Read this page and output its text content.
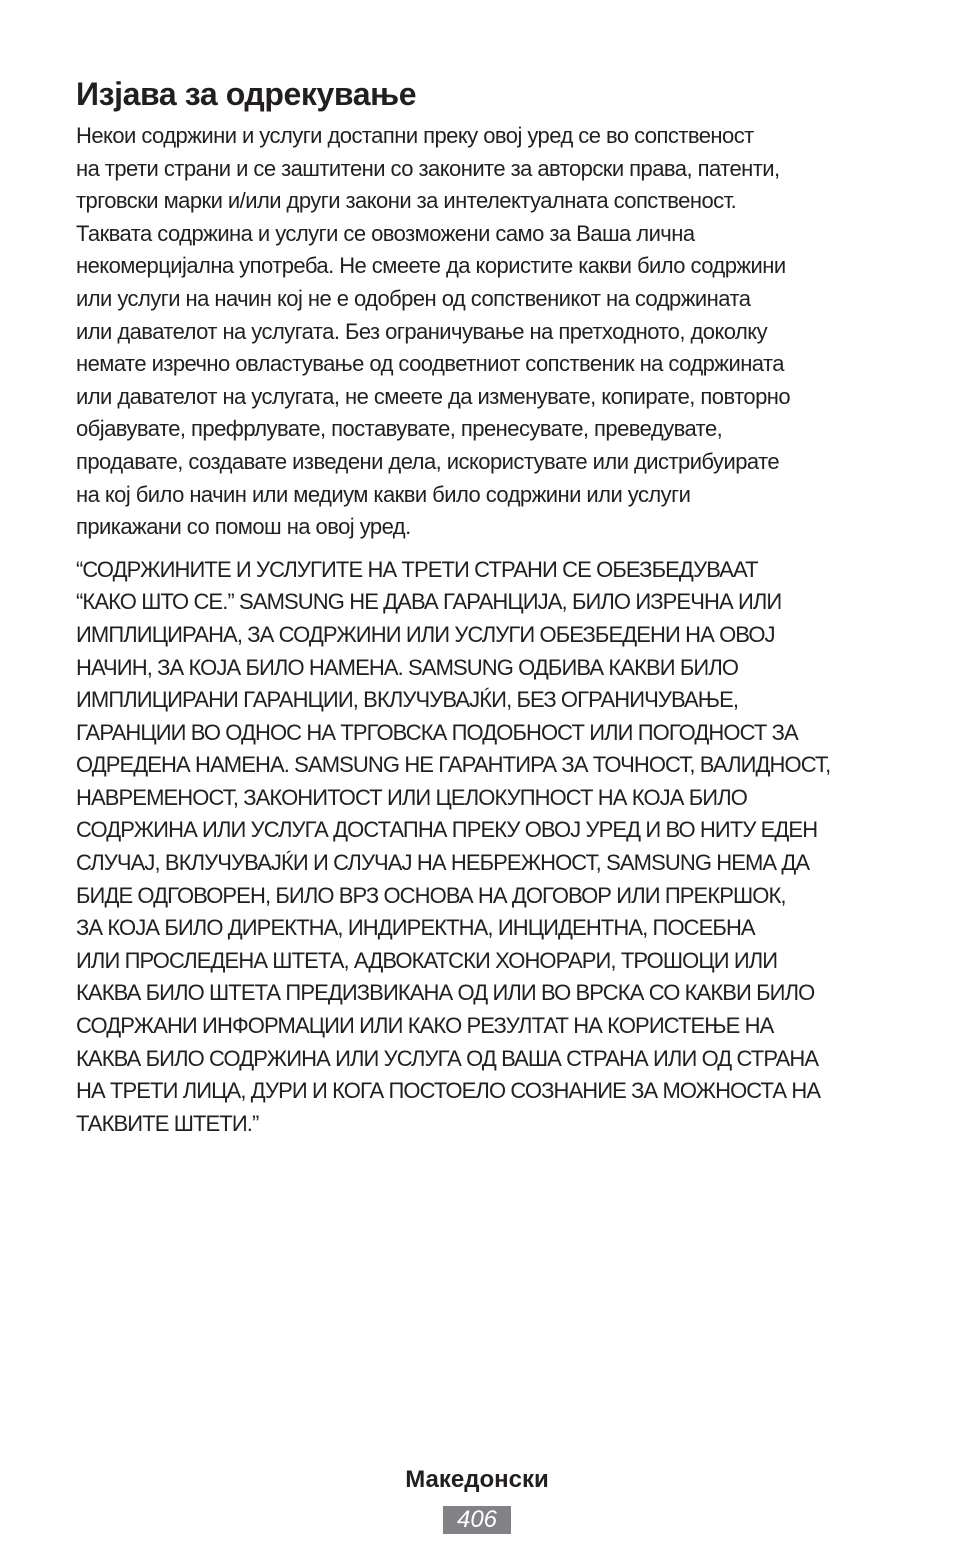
Изјава за одрекување
Некои содржини и услуги достапни преку овој уред се во сопственост
на трети страни и се заштитени со законите за авторски права, патенти,
трговски марки и/или други закони за интелектуалната сопственост.
Таквата содржина и услуги се овозможени само за Ваша лична
некомерцијална употреба. Не смеете да користите какви било содржини
или услуги на начин кој не е одобрен од сопственикот на содржината
или давателот на услугата. Без ограничување на претходното, доколку
немате изречно овластување од соодветниот сопственик на содржината
или давателот на услугата, не смеете да изменувате, копирате, повторно
објавувате, префрлувате, поставувате, пренесувате, преведувате,
продавате, создавате изведени дела, искористувате или дистрибуирате
на кој било начин или медиум какви било содржини или услуги
прикажани со помош на овој уред.
“СОДРЖИНИТЕ И УСЛУГИТЕ НА ТРЕТИ СТРАНИ СЕ ОБЕЗБЕДУВААТ
“КАКО ШТО СЕ.” SAMSUNG НЕ ДАВА ГАРАНЦИЈА, БИЛО ИЗРЕЧНА ИЛИ
ИМПЛИЦИРАНА, ЗА СОДРЖИНИ ИЛИ УСЛУГИ ОБЕЗБЕДЕНИ НА ОВОЈ
НАЧИН, ЗА КОЈА БИЛО НАМЕНА. SAMSUNG ОДБИВА КАКВИ БИЛО
ИМПЛИЦИРАНИ ГАРАНЦИИ, ВКЛУЧУВАЈЌИ, БЕЗ ОГРАНИЧУВАЊЕ,
ГАРАНЦИИ ВО ОДНОС НА ТРГОВСКА ПОДОБНОСТ ИЛИ ПОГОДНОСТ ЗА
ОДРЕДЕНА НАМЕНА. SAMSUNG НЕ ГАРАНТИРА ЗА ТОЧНОСТ, ВАЛИДНОСТ,
НАВРЕМЕНОСТ, ЗАКОНИТОСТ ИЛИ ЦЕЛОКУПНОСТ НА КОЈА БИЛО
СОДРЖИНА ИЛИ УСЛУГА ДОСТАПНА ПРЕКУ ОВОЈ УРЕД И ВО НИТУ ЕДЕН
СЛУЧАЈ, ВКЛУЧУВАЈЌИ И СЛУЧАЈ НА НЕБРЕЖНОСТ, SAMSUNG НЕМА ДА
БИДЕ ОДГОВОРЕН, БИЛО ВРЗ ОСНОВА НА ДОГОВОР ИЛИ ПРЕКРШОК,
ЗА КОЈА БИЛО ДИРЕКТНА, ИНДИРЕКТНА, ИНЦИДЕНТНА, ПОСЕБНА
ИЛИ ПРОСЛЕДЕНА ШТЕТА, АДВОКАТСКИ ХОНОРАРИ, ТРОШОЦИ ИЛИ
КАКВА БИЛО ШТЕТА ПРЕДИЗВИКАНА ОД ИЛИ ВО ВРСКА СО КАКВИ БИЛО
СОДРЖАНИ ИНФОРМАЦИИ ИЛИ КАКО РЕЗУЛТАТ НА КОРИСТЕЊЕ НА
КАКВА БИЛО СОДРЖИНА ИЛИ УСЛУГА ОД ВАША СТРАНА ИЛИ ОД СТРАНА
НА ТРЕТИ ЛИЦА, ДУРИ И КОГА ПОСТОЕЛО СОЗНАНИЕ ЗА МОЖНОСТА НА
ТАКВИТЕ ШТЕТИ.”
Македонски
406
